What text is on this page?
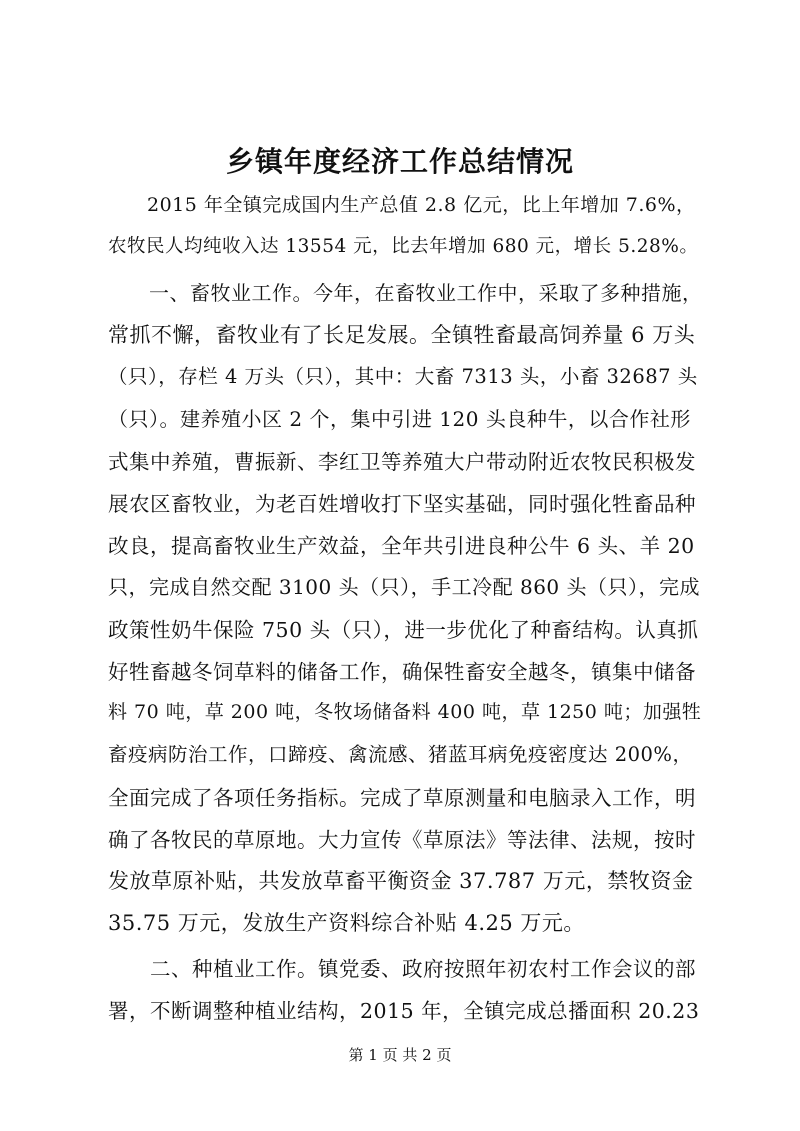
乡镇年度经济工作总结情况
　　2015 年全镇完成国内生产总值 2.8 亿元，比上年增加 7.6%，
农牧民人均纯收入达 13554 元，比去年增加 680 元，增长 5.28%。
　　一、畜牧业工作。今年，在畜牧业工作中，采取了多种措施，
常抓不懈，畜牧业有了长足发展。全镇牲畜最高饲养量 6 万头
（只），存栏 4 万头（只），其中：大畜 7313 头，小畜 32687 头
（只）。建养殖小区 2 个，集中引进 120 头良种牛，以合作社形
式集中养殖，曹振新、李红卫等养殖大户带动附近农牧民积极发
展农区畜牧业，为老百姓增收打下坚实基础，同时强化牲畜品种
改良，提高畜牧业生产效益，全年共引进良种公牛 6 头、羊 20
只，完成自然交配 3100 头（只），手工冷配 860 头（只），完成
政策性奶牛保险 750 头（只），进一步优化了种畜结构。认真抓
好牲畜越冬饲草料的储备工作，确保牲畜安全越冬，镇集中储备
料 70 吨，草 200 吨，冬牧场储备料 400 吨，草 1250 吨；加强牲
畜疫病防治工作，口蹄疫、禽流感、猪蓝耳病免疫密度达 200%，
全面完成了各项任务指标。完成了草原测量和电脑录入工作，明
确了各牧民的草原地。大力宣传《草原法》等法律、法规，按时
发放草原补贴，共发放草畜平衡资金 37.787 万元，禁牧资金
35.75 万元，发放生产资料综合补贴 4.25 万元。
　　二、种植业工作。镇党委、政府按照年初农村工作会议的部
署，不断调整种植业结构，2015 年，全镇完成总播面积 20.23
第 1 页 共 2 页
